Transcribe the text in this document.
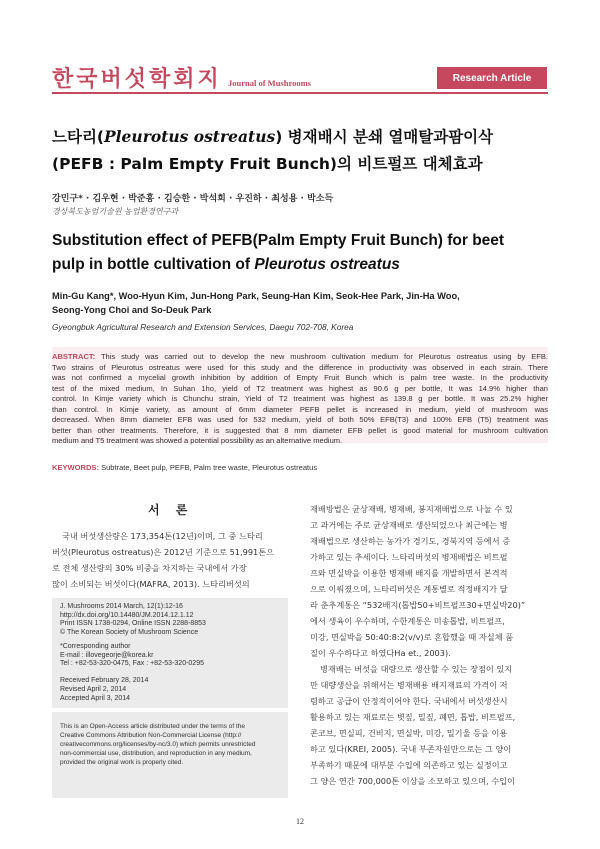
한국버섯학회지 Journal of Mushrooms	Research Article
느타리(Pleurotus ostreatus) 병재배시 분쇄 열매탈과팜이삭
(PEFB : Palm Empty Fruit Bunch)의 비트펄프 대체효과
강민구* · 김우현 · 박준홍 · 김승한 · 박석희 · 우진하 · 최성용 · 박소득
경상북도농업기술원 농업환경연구과
Substitution effect of PEFB(Palm Empty Fruit Bunch) for beet
pulp in bottle cultivation of Pleurotus ostreatus
Min-Gu Kang*, Woo-Hyun Kim, Jun-Hong Park, Seung-Han Kim, Seok-Hee Park, Jin-Ha Woo,
Seong-Yong Choi and So-Deuk Park
Gyeongbuk Agricultural Research and Extension Services, Daegu 702-708, Korea
ABSTRACT: This study was carried out to develop the new mushroom cultivation medium for Pleurotus ostreatus using by EFB.
Two strains of Pleurotus ostreatus were used for this study and the difference in productivity was observed in each strain. There
was not confirmed a mycelial growth inhibition by addition of Empty Fruit Bunch which is palm tree waste. In the productivity
test of the mixed medium, In Suhan 1ho, yield of T2 treatment was highest as 90.6 g per bottle, It was 14.9% higher than
control. In Kimje variety which is Chunchu strain, Yield of T2 treatment was highest as 139.8 g per bottle. It was 25.2% higher
than control. In Kimje variety, as amount of 6mm diameter PEFB pellet is increased in medium, yield of mushroom was
decreased. When 8mm diameter EFB was used for 532 medium, yield of both 50% EFB(T3) and 100% EFB (T5) treatment was
better than other treatments. Therefore, it is suggested that 8 mm diameter EFB pellet is good material for mushroom cultivation
medium and T5 treatment was showed a potential possibility as an alternative medium.
KEYWORDS: Subtrate, Beet pulp, PEFB, Palm tree waste, Pleurotus ostreatus
서 론
국내 버섯생산량은 173,354톤(12년)이며, 그 중 느타리
버섯(Pleurotus ostreatus)은 2012년 기준으로 51,991톤으
로 전체 생산량의 30% 비중을 차지하는 국내에서 가장
많이 소비되는 버섯이다(MAFRA, 2013). 느타리버섯의
J. Mushrooms 2014 March, 12(1):12-16
http://dx.doi.org/10.14480/JM.2014.12.1.12
Print ISSN 1738-0294, Online ISSN 2288-8853
© The Korean Society of Mushroom Science
*Corresponding author
E-mail : illovegeorje@korea.kr
Tel : +82-53-320-0475, Fax : +82-53-320-0295
Received February 28, 2014
Revised April 2, 2014
Accepted April 3, 2014
This is an Open-Access article distributed under the terms of the
Creative Commons Attribution Non-Commercial License (http://
creativecommons.org/licenses/by-nc/3.0) which permits unrestricted
non-commercial use, distribution, and reproduction in any medium,
provided the original work is properly cited.
재배방법은 균상재배, 병재배, 봉지재배법으로 나눌 수 있
고 과거에는 주로 균상재배로 생산되었으나 최근에는 병
재배법으로 생산하는 농가가 경기도, 경북지역 등에서 증
가하고 있는 추세이다. 느타리버섯의 병재배법은 비트펄
프와 면실박을 이용한 병재배 배지를 개발하면서 본격적
으로 이뤄졌으며, 느타리버섯은 계통별로 적정배지가 달
라 춘추계통은 “532배지(톱밥50+비트펄프30+면실박20)”
에서 생육이 우수하며, 수한계통은 미송톱밥, 비트펄프,
미강, 면실박을 50:40:8:2(v/v)로 혼합했을 때 자실체 품
질이 우수하다고 하였다Ha et., 2003).
병재배는 버섯을 대량으로 생산할 수 있는 장점이 있지
만 대량생산을 위해서는 병재배용 배지재료의 가격이 저
렴하고 공급이 안정적이어야 한다. 국내에서 버섯생산시
활용하고 있는 재료로는 볏짚, 밀짚, 폐면, 톱밥, 비트펄프,
콘코브, 면실피, 건비지, 면실박, 미강, 밀기울 등을 이용
하고 있다(KREI, 2005). 국내 부존자원만으로는 그 양이
부족하기 때문에 대부분 수입에 의존하고 있는 실정이고
그 양은 연간 700,000톤 이상을 소모하고 있으며, 수입이
12
